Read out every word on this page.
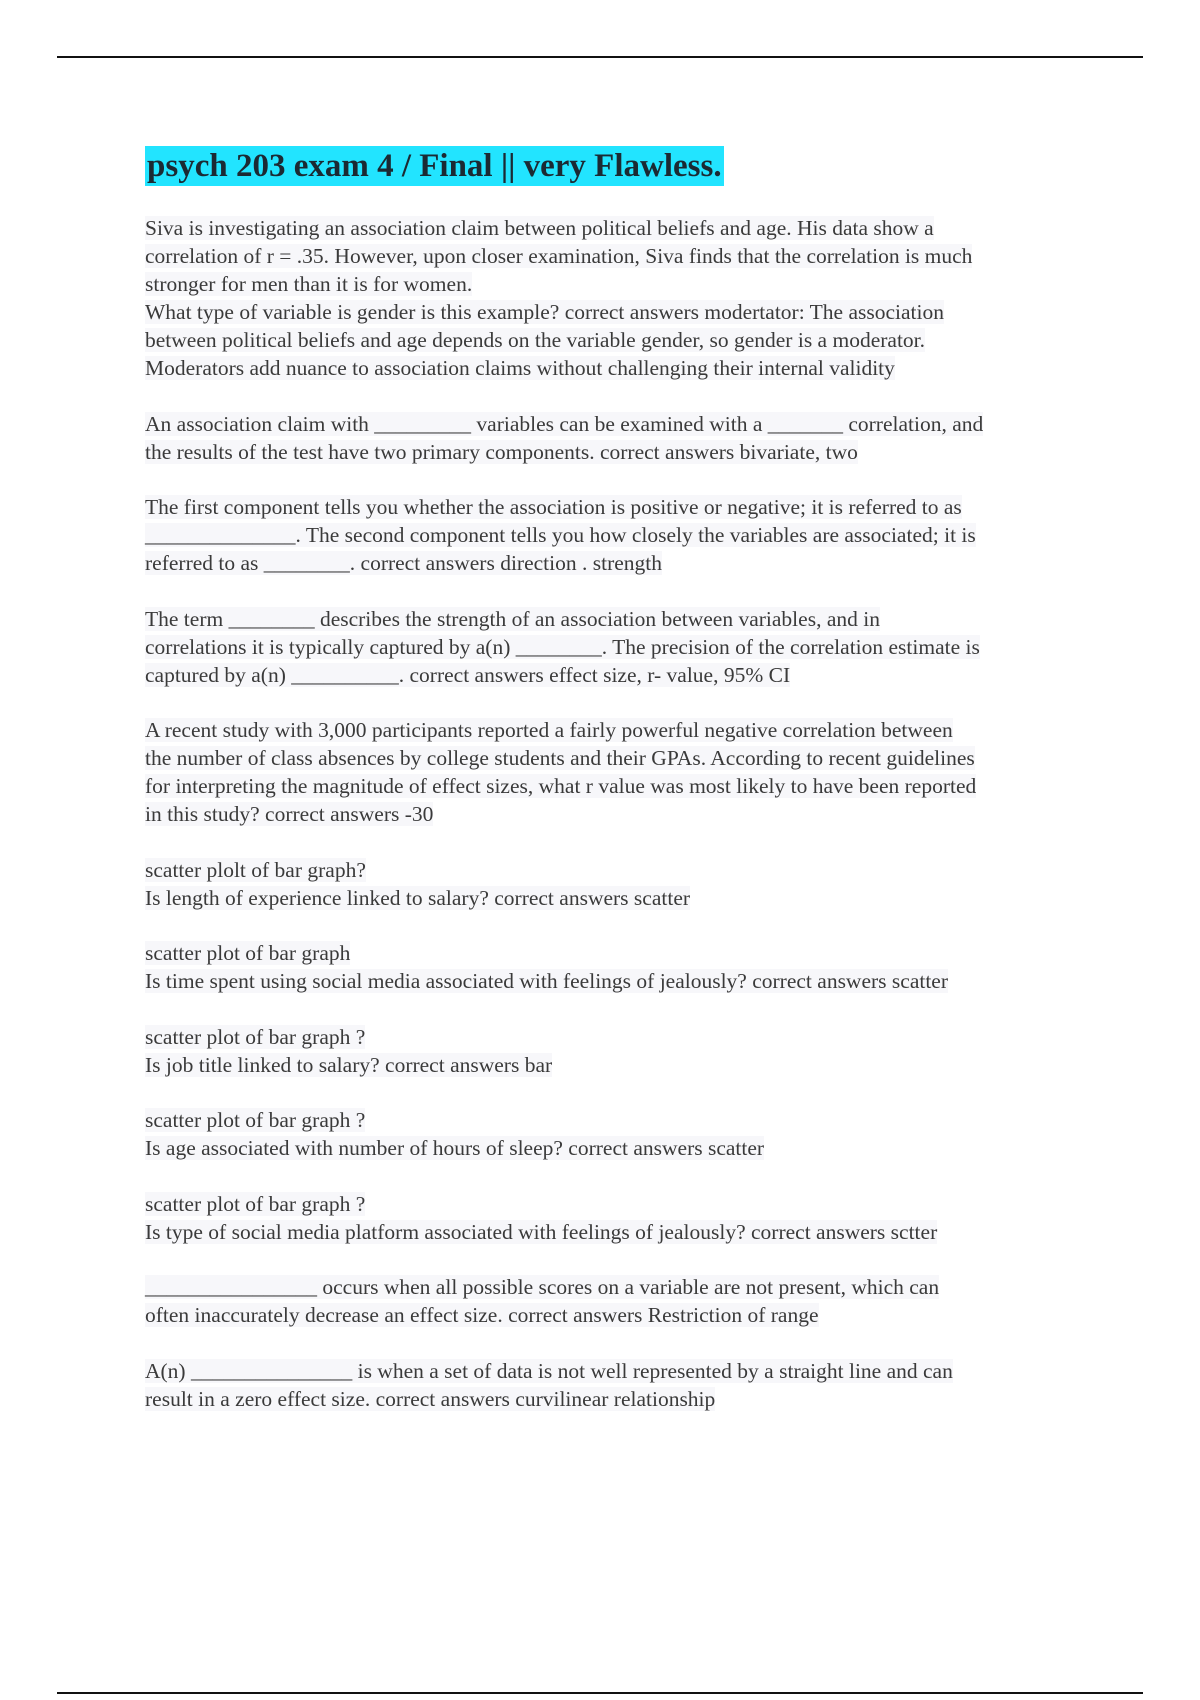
psych 203 exam 4 / Final || very Flawless.
Siva is investigating an association claim between political beliefs and age. His data show a
correlation of r = .35. However, upon closer examination, Siva finds that the correlation is much
stronger for men than it is for women.
What type of variable is gender is this example? correct answers modertator: The association
between political beliefs and age depends on the variable gender, so gender is a moderator.
Moderators add nuance to association claims without challenging their internal validity
An association claim with _________ variables can be examined with a _______ correlation, and
the results of the test have two primary components. correct answers bivariate, two
The first component tells you whether the association is positive or negative; it is referred to as
______________. The second component tells you how closely the variables are associated; it is
referred to as ________. correct answers direction . strength
The term ________ describes the strength of an association between variables, and in
correlations it is typically captured by a(n) ________. The precision of the correlation estimate is
captured by a(n) __________. correct answers effect size, r- value, 95% CI
A recent study with 3,000 participants reported a fairly powerful negative correlation between
the number of class absences by college students and their GPAs. According to recent guidelines
for interpreting the magnitude of effect sizes, what r value was most likely to have been reported
in this study? correct answers -30
scatter plolt of bar graph?
Is length of experience linked to salary? correct answers scatter
scatter plot of bar graph
Is time spent using social media associated with feelings of jealously? correct answers scatter
scatter plot of bar graph ?
Is job title linked to salary? correct answers bar
scatter plot of bar graph ?
Is age associated with number of hours of sleep? correct answers scatter
scatter plot of bar graph ?
Is type of social media platform associated with feelings of jealously? correct answers sctter
________________ occurs when all possible scores on a variable are not present, which can
often inaccurately decrease an effect size. correct answers Restriction of range
A(n) _______________ is when a set of data is not well represented by a straight line and can
result in a zero effect size. correct answers curvilinear relationship
